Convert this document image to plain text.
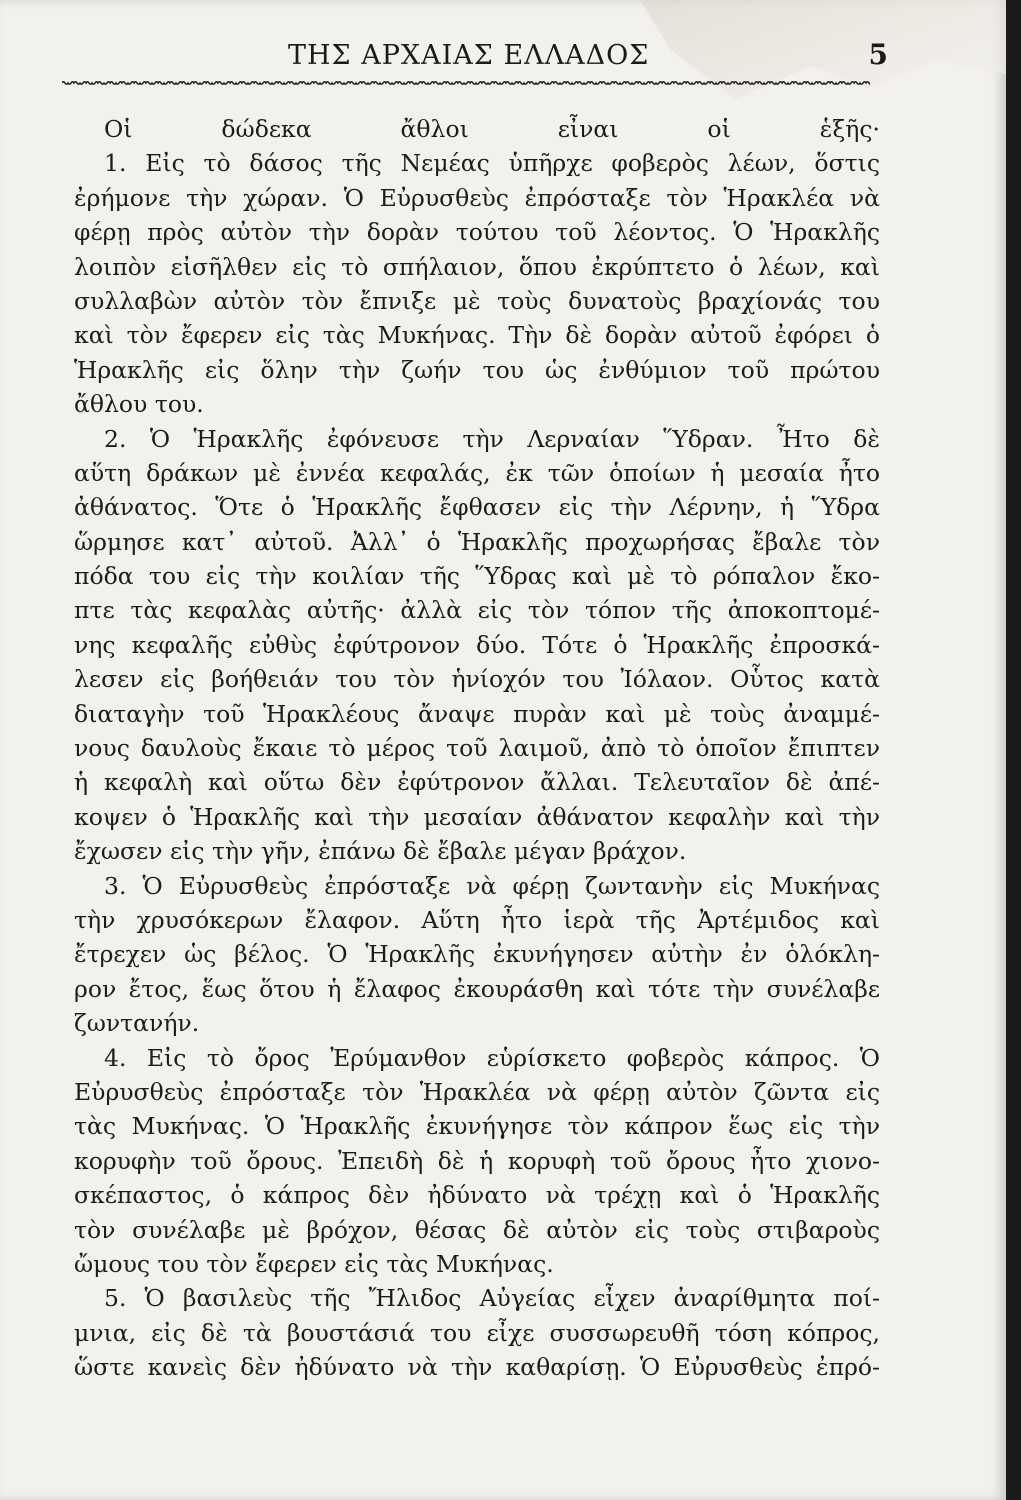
ΤΗΣ ΑΡΧΑΙΑΣ ΕΛΛΑΔΟΣ	5
Οἱ δώδεκα ἄθλοι εἶναι οἱ ἑξῆς·
1. Εἰς τὸ δάσος τῆς Νεμέας ὑπῆρχε φοβερὸς λέων, ὅστις
ἐρήμονε τὴν χώραν. Ὁ Εὐρυσθεὺς ἐπρόσταξε τὸν Ἡρακλέα νὰ
φέρῃ πρὸς αὐτὸν τὴν δορὰν τούτου τοῦ λέοντος. Ὁ Ἡρακλῆς
λοιπὸν εἰσῆλθεν εἰς τὸ σπήλαιον, ὅπου ἐκρύπτετο ὁ λέων, καὶ
συλλαβὼν αὐτὸν τὸν ἔπνιξε μὲ τοὺς δυνατοὺς βραχίονάς του
καὶ τὸν ἔφερεν εἰς τὰς Μυκήνας. Τὴν δὲ δορὰν αὐτοῦ ἐφόρει ὁ
Ἡρακλῆς εἰς ὅλην τὴν ζωήν του ὡς ἐνθύμιον τοῦ πρώτου
ἄθλου του.
2. Ὁ Ἡρακλῆς ἐφόνευσε τὴν Λερναίαν Ὕδραν. Ἦτο δὲ
αὕτη δράκων μὲ ἐννέα κεφαλάς, ἐκ τῶν ὁποίων ἡ μεσαία ἦτο
ἀθάνατος. Ὅτε ὁ Ἡρακλῆς ἔφθασεν εἰς τὴν Λέρνην, ἡ Ὕδρα
ὥρμησε κατ᾽ αὐτοῦ. Ἀλλ᾽ ὁ Ἡρακλῆς προχωρήσας ἔβαλε τὸν
πόδα του εἰς τὴν κοιλίαν τῆς Ὕδρας καὶ μὲ τὸ ρόπαλον ἔκο-
πτε τὰς κεφαλὰς αὐτῆς· ἀλλὰ εἰς τὸν τόπον τῆς ἀποκοπτομέ-
νης κεφαλῆς εὐθὺς ἐφύτρονον δύο. Τότε ὁ Ἡρακλῆς ἐπροσκά-
λεσεν εἰς βοήθειάν του τὸν ἡνίοχόν του Ἰόλαον. Οὗτος κατὰ
διαταγὴν τοῦ Ἡρακλέους ἄναψε πυρὰν καὶ μὲ τοὺς ἀναμμέ-
νους δαυλοὺς ἔκαιε τὸ μέρος τοῦ λαιμοῦ, ἀπὸ τὸ ὁποῖον ἔπιπτεν
ἡ κεφαλὴ καὶ οὕτω δὲν ἐφύτρονον ἄλλαι. Τελευταῖον δὲ ἀπέ-
κοψεν ὁ Ἡρακλῆς καὶ τὴν μεσαίαν ἀθάνατον κεφαλὴν καὶ τὴν
ἔχωσεν εἰς τὴν γῆν, ἐπάνω δὲ ἔβαλε μέγαν βράχον.
3. Ὁ Εὐρυσθεὺς ἐπρόσταξε νὰ φέρῃ ζωντανὴν εἰς Μυκήνας
τὴν χρυσόκερων ἔλαφον. Αὕτη ἦτο ἱερὰ τῆς Ἀρτέμιδος καὶ
ἔτρεχεν ὡς βέλος. Ὁ Ἡρακλῆς ἐκυνήγησεν αὐτὴν ἐν ὁλόκλη-
ρον ἔτος, ἕως ὅτου ἡ ἔλαφος ἐκουράσθη καὶ τότε τὴν συνέλαβε
ζωντανήν.
4. Εἰς τὸ ὄρος Ἐρύμανθον εὑρίσκετο φοβερὸς κάπρος. Ὁ
Εὐρυσθεὺς ἐπρόσταξε τὸν Ἡρακλέα νὰ φέρῃ αὐτὸν ζῶντα εἰς
τὰς Μυκήνας. Ὁ Ἡρακλῆς ἐκυνήγησε τὸν κάπρον ἕως εἰς τὴν
κορυφὴν τοῦ ὄρους. Ἐπειδὴ δὲ ἡ κορυφὴ τοῦ ὄρους ἦτο χιονο-
σκέπαστος, ὁ κάπρος δὲν ἠδύνατο νὰ τρέχῃ καὶ ὁ Ἡρακλῆς
τὸν συνέλαβε μὲ βρόχον, θέσας δὲ αὐτὸν εἰς τοὺς στιβαροὺς
ὤμους του τὸν ἔφερεν εἰς τὰς Μυκήνας.
5. Ὁ βασιλεὺς τῆς Ἤλιδος Αὐγείας εἶχεν ἀναρίθμητα ποί-
μνια, εἰς δὲ τὰ βουστάσιά του εἶχε συσσωρευθῆ τόση κόπρος,
ὥστε κανεὶς δὲν ἠδύνατο νὰ τὴν καθαρίσῃ. Ὁ Εὐρυσθεὺς ἐπρό-
